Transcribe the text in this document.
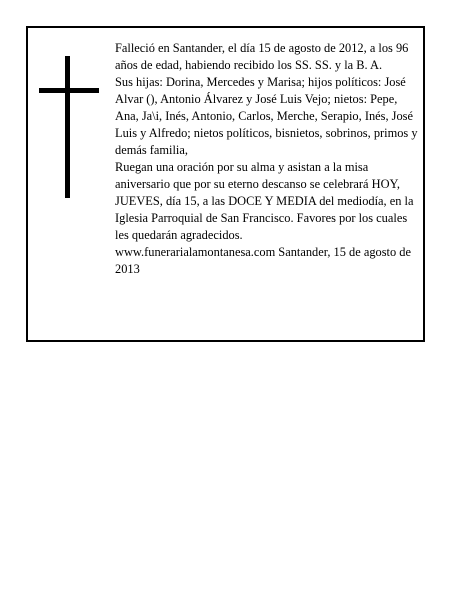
Falleció en Santander, el día 15 de agosto de 2012, a los 96 años de edad, habiendo recibido los SS. SS. y la B. A.

Sus hijas: Dorina, Mercedes y Marisa; hijos políticos: José Alvar (), Antonio Álvarez y José Luis Vejo; nietos: Pepe, Ana, Ja\i, Inés, Antonio, Carlos, Merche, Serapio, Inés, José Luis y Alfredo; nietos políticos, bisnietos, sobrinos, primos y demás familia,

Ruegan una oración por su alma y asistan a la misa aniversario que por su eterno descanso se celebrará HOY, JUEVES, día 15, a las DOCE Y MEDIA del mediodía, en la Iglesia Parroquial de San Francisco. Favores por los cuales les quedarán agradecidos.

www.funerarialamontanesa.com Santander, 15 de agosto de 2013
